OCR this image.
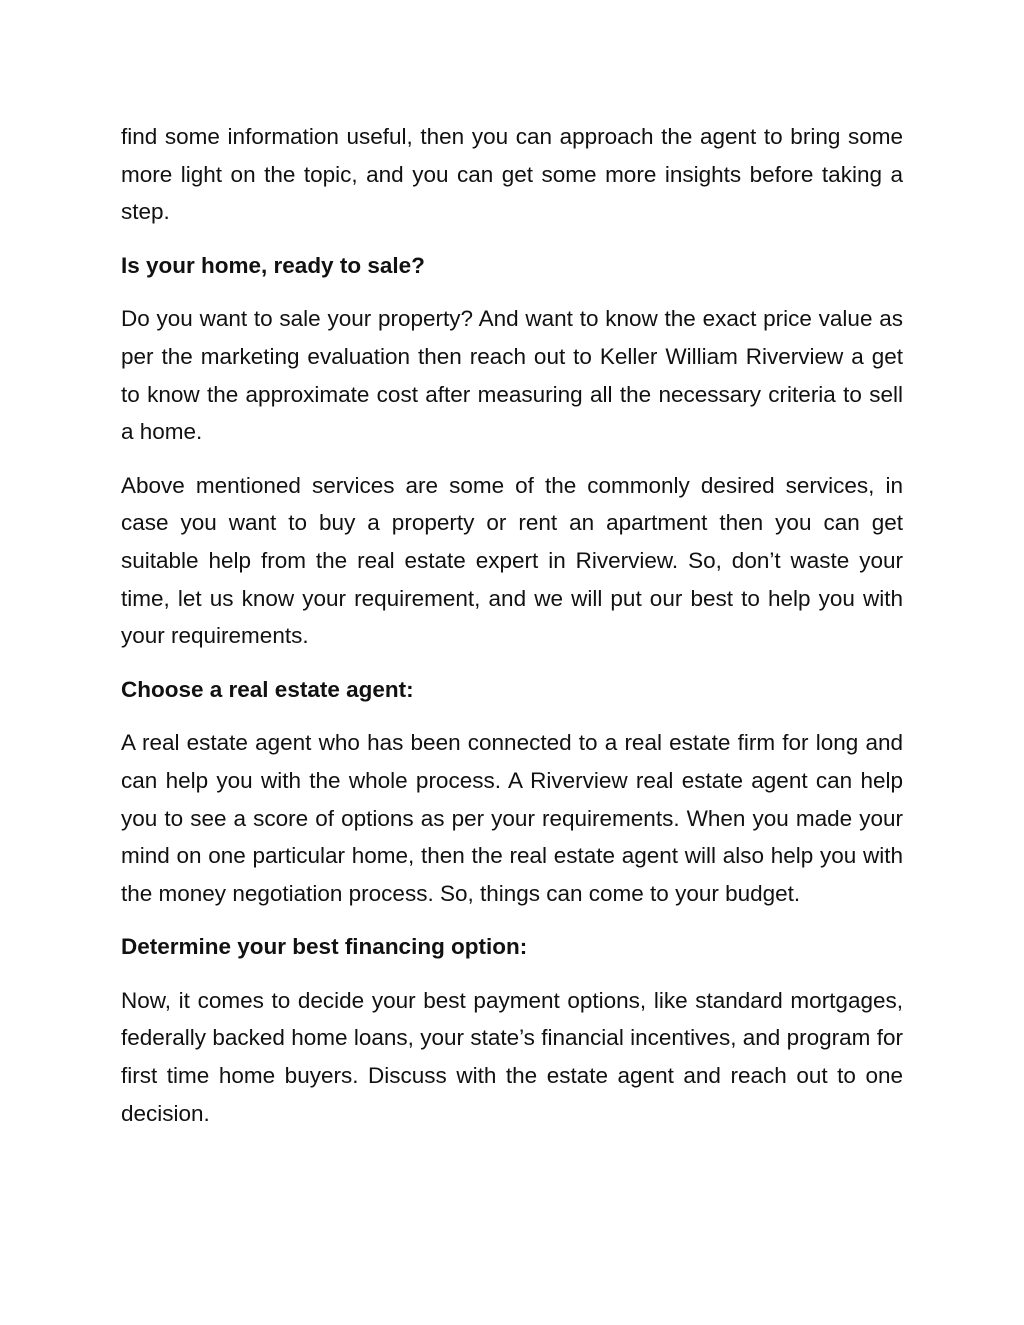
find some information useful, then you can approach the agent to bring some more light on the topic, and you can get some more insights before taking a step.

Is your home, ready to sale?

Do you want to sale your property? And want to know the exact price value as per the marketing evaluation then reach out to Keller William Riverview a get to know the approximate cost after measuring all the necessary criteria to sell a home.

Above mentioned services are some of the commonly desired services, in case you want to buy a property or rent an apartment then you can get suitable help from the real estate expert in Riverview. So, don’t waste your time, let us know your requirement, and we will put our best to help you with your requirements.

Choose a real estate agent:

A real estate agent who has been connected to a real estate firm for long and can help you with the whole process. A Riverview real estate agent can help you to see a score of options as per your requirements. When you made your mind on one particular home, then the real estate agent will also help you with the money negotiation process. So, things can come to your budget.

Determine your best financing option:

Now, it comes to decide your best payment options, like standard mortgages, federally backed home loans, your state’s financial incentives, and program for first time home buyers. Discuss with the estate agent and reach out to one decision.
